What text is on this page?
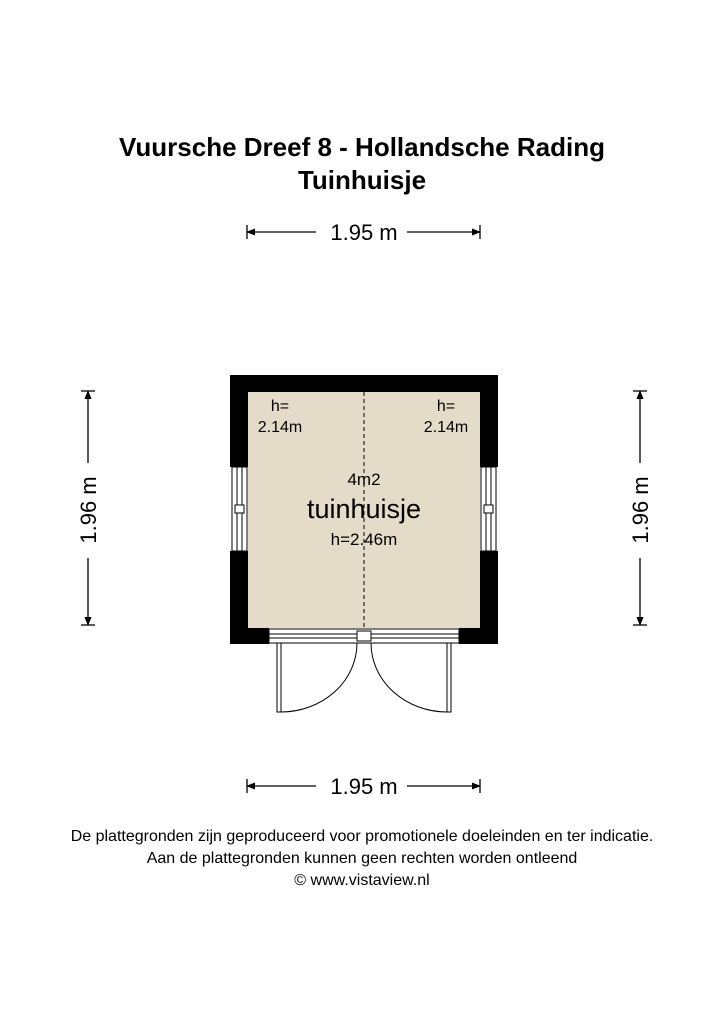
Vuursche Dreef 8 - Hollandsche Rading
Tuinhuisje
1.95 m
1.95 m
1.96 m	1.96 m
h=
2.14m
h=
2.14m
4m2
tuinhuisje
h=2.46m
De plattegronden zijn geproduceerd voor promotionele doeleinden en ter indicatie.
Aan de plattegronden kunnen geen rechten worden ontleend
© www.vistaview.nl
